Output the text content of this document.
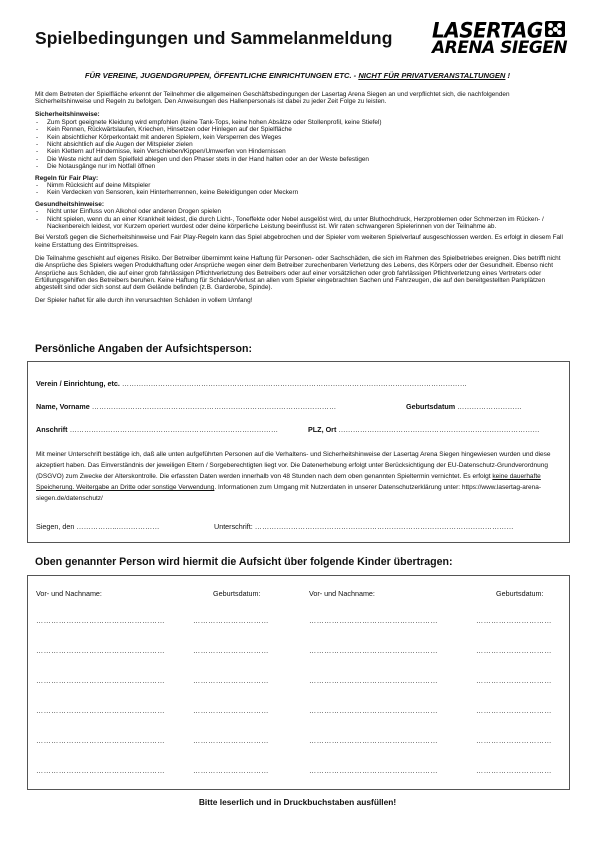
Spielbedingungen und Sammelanmeldung LASERTAG
ARENA SIEGEN
FÜR VEREINE, JUGENDGRUPPEN, ÖFFENTLICHE EINRICHTUNGEN ETC. - NICHT FÜR PRIVATVERANSTALTUNGEN !

Mit dem Betreten der Spielfläche erkennt der Teilnehmer die allgemeinen Geschäftsbedingungen der Lasertag Arena Siegen an und verpflichtet sich, die nachfolgenden Sicherheitshinweise und Regeln zu befolgen. Den Anweisungen des Hallenpersonals ist dabei zu jeder Zeit Folge zu leisten.

Sicherheitshinweise:
- Zum Sport geeignete Kleidung wird empfohlen (keine Tank-Tops, keine hohen Absätze oder Stollenprofil, keine Stiefel)
- Kein Rennen, Rückwärtslaufen, Kriechen, Hinsetzen oder Hinlegen auf der Spielfläche
- Kein absichtlicher Körperkontakt mit anderen Spielern, kein Versperren des Weges
- Nicht absichtlich auf die Augen der Mitspieler zielen
- Kein Klettern auf Hindernisse, kein Verschieben/Kippen/Umwerfen von Hindernissen
- Die Weste nicht auf dem Spielfeld ablegen und den Phaser stets in der Hand halten oder an der Weste befestigen
- Die Notausgänge nur im Notfall öffnen
Regeln für Fair Play:
- Nimm Rücksicht auf deine Mitspieler
- Kein Verdecken von Sensoren, kein Hinterherrennen, keine Beleidigungen oder Meckern
Gesundheitshinweise:
- Nicht unter Einfluss von Alkohol oder anderen Drogen spielen
- Nicht spielen, wenn du an einer Krankheit leidest, die durch Licht-, Toneffekte oder Nebel ausgelöst wird, du unter Bluthochdruck, Herzproblemen oder Schmerzen im Rücken- / Nackenbereich leidest, vor Kurzem operiert wurdest oder deine körperliche Leistung beeinflusst ist. Wir raten schwangeren Spielerinnen von der Teilnahme ab.

Bei Verstoß gegen die Sicherheitshinweise und Fair Play-Regeln kann das Spiel abgebrochen und der Spieler vom weiteren Spielverlauf ausgeschlossen werden. Es erfolgt in diesem Fall keine Erstattung des Eintrittspreises.

Die Teilnahme geschieht auf eigenes Risiko. Der Betreiber übernimmt keine Haftung für Personen- oder Sachschäden, die sich im Rahmen des Spielbetriebes ereignen. Dies betrifft nicht die Ansprüche des Spielers wegen Produkthaftung oder Ansprüche wegen einer dem Betreiber zurechenbaren Verletzung des Lebens, des Körpers oder der Gesundheit. Ebenso nicht Ansprüche aus Schäden, die auf einer grob fahrlässigen Pflichtverletzung des Betreibers oder auf einer vorsätzlichen oder grob fahrlässigen Pflichtverletzung eines Vertreters oder Erfüllungsgehilfen des Betreibers beruhen. Keine Haftung für Schäden/Verlust an allen vom Spieler eingebrachten Sachen und Fahrzeugen, die auf den bereitgestellten Parkplätzen abgestellt sind oder sich sonst auf dem Gelände befinden (z.B. Garderobe, Spinde).

Der Spieler haftet für alle durch ihn verursachten Schäden in vollem Umfang!

Persönliche Angaben der Aufsichtsperson:
Verein / Einrichtung, etc. ………………………………………………………………………………………………………………………………
Name, Vorname …………………………………………………………………………………………	Geburtsdatum ………………………
Anschrift ……………………………………………………………………………	PLZ, Ort …………………………………………………………………………
Mit meiner Unterschrift bestätige ich, daß alle unten aufgeführten Personen auf die Verhaltens- und Sicherheitshinweise der Lasertag Arena Siegen hingewiesen wurden und diese akzeptiert haben. Das Einverständnis der jeweiligen Eltern / Sorgeberechtigten liegt vor. Die Datenerhebung erfolgt unter Berücksichtigung der EU-Datenschutz-Grundverordnung (DSGVO) zum Zwecke der Alterskontrolle. Die erfassten Daten werden innerhalb von 48 Stunden nach dem oben genannten Spieltermin vernichtet. Es erfolgt keine dauerhafte Speicherung. Weitergabe an Dritte oder sonstige Verwendung. Informationen zum Umgang mit Nutzerdaten in unserer Datenschutzerklärung unter: https://www.lasertag-arena-siegen.de/datenschutz/
Siegen, den ……………..………………	Unterschrift: ………………………………………………………………………………………………
Oben genannter Person wird hiermit die Aufsicht über folgende Kinder übertragen:
Vor- und Nachname:	Geburtsdatum:	Vor- und Nachname:	Geburtsdatum:
……………………………………………	…………………………	……………………………………………	…………………………
……………………………………………	…………………………	……………………………………………	…………………………
……………………………………………	…………………………	……………………………………………	…………………………
……………………………………………	…………………………	……………………………………………	…………………………
……………………………………………	…………………………	……………………………………………	…………………………
……………………………………………	…………………………	……………………………………………	…………………………
Bitte leserlich und in Druckbuchstaben ausfüllen!
